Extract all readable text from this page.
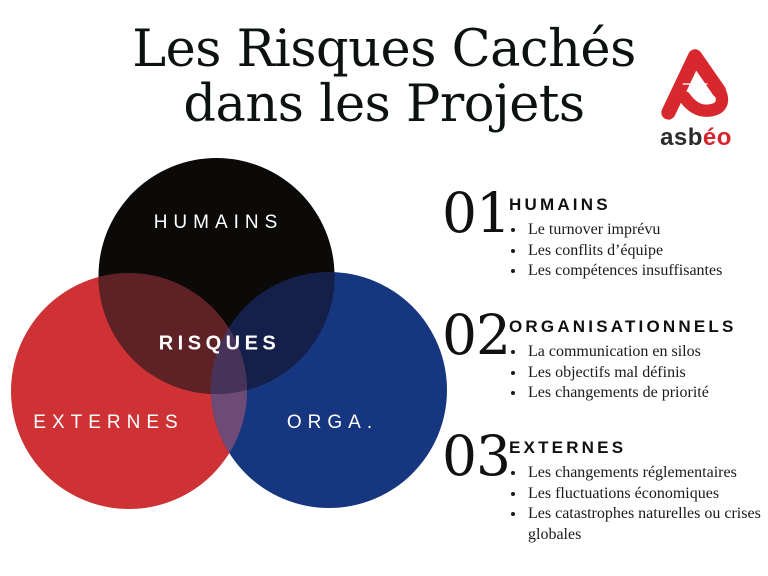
Les Risques Cachés
dans les Projets
asbéo
HUMAINS
RISQUES
EXTERNES	ORGA.
01 HUMAINS
• Le turnover imprévu
• Les conflits d’équipe
• Les compétences insuffisantes
02 ORGANISATIONNELS
• La communication en silos
• Les objectifs mal définis
• Les changements de priorité
03 EXTERNES
• Les changements réglementaires
• Les fluctuations économiques
• Les catastrophes naturelles ou crises globales
